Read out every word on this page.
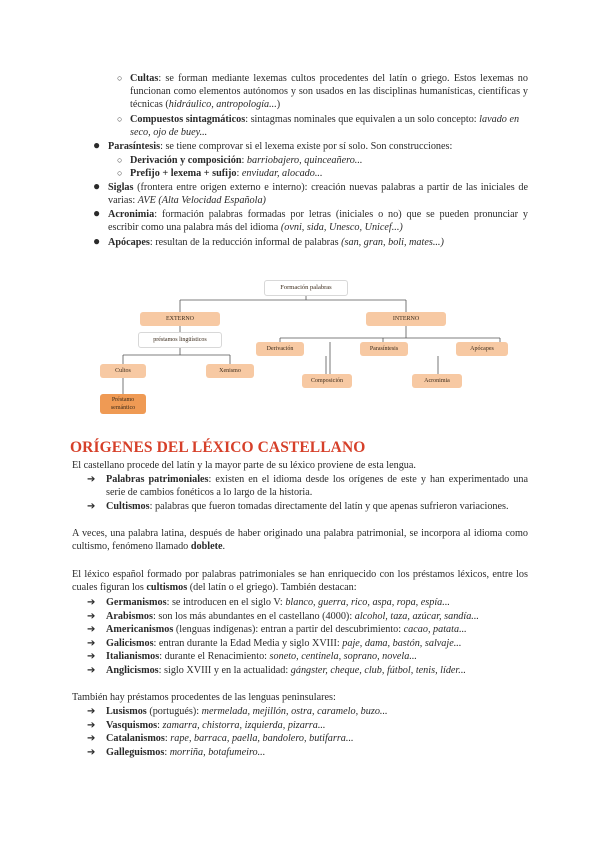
○ Cultas: se forman mediante lexemas cultos procedentes del latín o griego. Estos lexemas no funcionan como elementos autónomos y son usados en las disciplinas humanísticas, científicas y técnicas (hidráulico, antropología...)
○ Compuestos sintagmáticos: sintagmas nominales que equivalen a un solo concepto: lavado en seco, ojo de buey...
● Parasíntesis: se tiene comprovar si el lexema existe por sí solo. Son construcciones:
○ Derivación y composición: barriobajero, quinceañero...
○ Prefijo + lexema + sufijo: enviudar, alocado...
● Siglas (frontera entre origen externo e interno): creación nuevas palabras a partir de las iniciales de varias: AVE (Alta Velocidad Española)
● Acronimia: formación palabras formadas por letras (iniciales o no) que se pueden pronunciar y escribir como una palabra más del idioma (ovni, sida, Unesco, Unicef...)
● Apócapes: resultan de la reducción informal de palabras (san, gran, boli, mates...)
Formación palabras
EXTERNO	INTERNO
préstamos lingüísticos
Cultos	Xenismo
Préstamo semántico
Derivación	Parasíntesis	Apócapes
Composición	Acronimia
ORÍGENES DEL LÉXICO CASTELLANO
El castellano procede del latín y la mayor parte de su léxico proviene de esta lengua.
➔ Palabras patrimoniales: existen en el idioma desde los orígenes de este y han experimentado una serie de cambios fonéticos a lo largo de la historia.
➔ Cultismos: palabras que fueron tomadas directamente del latín y que apenas sufrieron variaciones.
A veces, una palabra latina, después de haber originado una palabra patrimonial, se incorpora al idioma como cultismo, fenómeno llamado doblete.
El léxico español formado por palabras patrimoniales se han enriquecido con los préstamos léxicos, entre los cuales figuran los cultismos (del latín o el griego). También destacan:
➔ Germanismos: se introducen en el siglo V: blanco, guerra, rico, aspa, ropa, espía...
➔ Arabismos: son los más abundantes en el castellano (4000): alcohol, taza, azúcar, sandía...
➔ Americanismos (lenguas indígenas): entran a partir del descubrimiento: cacao, patata...
➔ Galicismos: entran durante la Edad Media y siglo XVIII: paje, dama, bastón, salvaje...
➔ Italianismos: durante el Renacimiento: soneto, centinela, soprano, novela...
➔ Anglicismos: siglo XVIII y en la actualidad: gángster, cheque, club, fútbol, tenis, líder...
También hay préstamos procedentes de las lenguas peninsulares:
➔ Lusismos (portugués): mermelada, mejillón, ostra, caramelo, buzo...
➔ Vasquismos: zamarra, chistorra, izquierda, pizarra...
➔ Catalanismos: rape, barraca, paella, bandolero, butifarra...
➔ Galleguismos: morriña, botafumeiro...
